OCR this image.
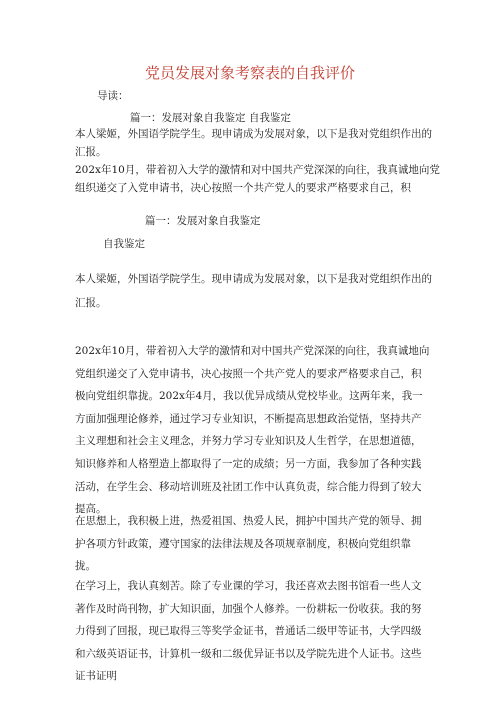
党员发展对象考察表的自我评价
导读：
篇一：发展对象自我鉴定 自我鉴定
本人梁姬，外国语学院学生。现申请成为发展对象，以下是我对党组织作出的
汇报。
202x年10月，带着初入大学的激情和对中国共产党深深的向往，我真诚地向党
组织递交了入党申请书，决心按照一个共产党人的要求严格要求自己，积
篇一：发展对象自我鉴定
自我鉴定
本人梁姬，外国语学院学生。现申请成为发展对象，以下是我对党组织作出的
汇报。

202x年10月，带着初入大学的激情和对中国共产党深深的向往，我真诚地向党组织递交了入党申请书，决心按照一个共产党人的要求严格要求自己，积极向党组织靠拢。202x年4月，我以优异成绩从党校毕业。这两年来，我一方面加强理论修养，通过学习专业知识，不断提高思想政治觉悟，坚持共产主义理想和社会主义理念，并努力学习专业知识及人生哲学，在思想道德，知识修养和人格塑造上都取得了一定的成绩；另一方面，我参加了各种实践活动，在学生会、移动培训班及社团工作中认真负责，综合能力得到了较大提高。

在思想上，我积极上进，热爱祖国、热爱人民，拥护中国共产党的领导、拥护各项方针政策，遵守国家的法律法规及各项规章制度，积极向党组织靠拢。

在学习上，我认真刻苦。除了专业课的学习，我还喜欢去图书馆看一些人文著作及时尚刊物，扩大知识面，加强个人修养。一份耕耘一份收获。我的努力得到了回报，现已取得三等奖学金证书，普通话二级甲等证书，大学四级和六级英语证书，计算机一级和二级优异证书以及学院先进个人证书。这些证书证明
